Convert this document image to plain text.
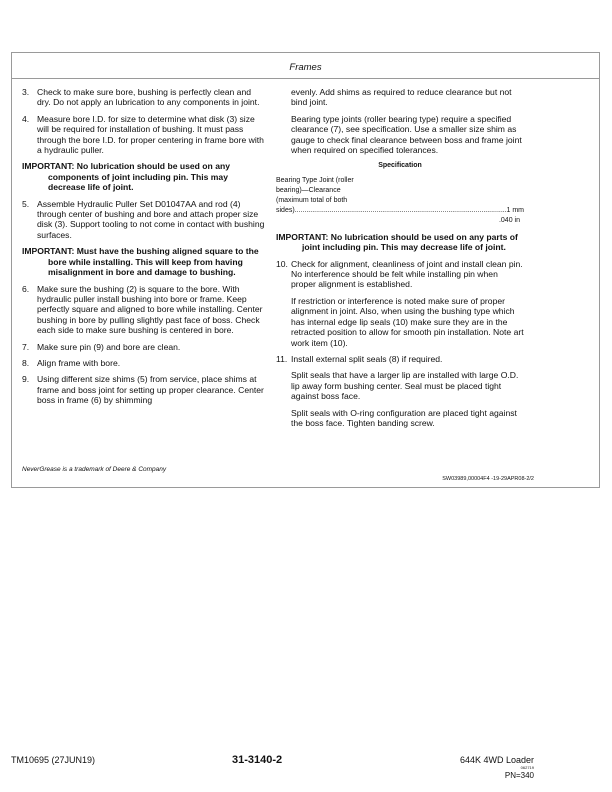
Frames
3. Check to make sure bore, bushing is perfectly clean and dry. Do not apply an lubrication to any components in joint.
4. Measure bore I.D. for size to determine what disk (3) size will be required for installation of bushing. It must pass through the bore I.D. for proper centering in frame bore with a hydraulic puller.
IMPORTANT: No lubrication should be used on any components of joint including pin. This may decrease life of joint.
5. Assemble Hydraulic Puller Set D01047AA and rod (4) through center of bushing and bore and attach proper size disk (3). Support tooling to not come in contact with bushing surfaces.
IMPORTANT: Must have the bushing aligned square to the bore while installing. This will keep from having misalignment in bore and damage to bushing.
6. Make sure the bushing (2) is square to the bore. With hydraulic puller install bushing into bore or frame. Keep perfectly square and aligned to bore while installing. Center bushing in bore by pulling slightly past face of boss. Check each side to make sure bushing is centered in bore.
7. Make sure pin (9) and bore are clean.
8. Align frame with bore.
9. Using different size shims (5) from service, place shims at frame and boss joint for setting up proper clearance. Center boss in frame (6) by shimming
evenly. Add shims as required to reduce clearance but not bind joint.
Bearing type joints (roller bearing type) require a specified clearance (7), see specification. Use a smaller size shim as gauge to check final clearance between boss and frame joint when required on specified tolerances.
Specification
Bearing Type Joint (roller
bearing)—Clearance
(maximum total of both
sides) .....	1 mm
.040 in
IMPORTANT: No lubrication should be used on any parts of joint including pin. This may decrease life of joint.
10. Check for alignment, cleanliness of joint and install clean pin. No interference should be felt while installing pin when proper alignment is established.
If restriction or interference is noted make sure of proper alignment in joint. Also, when using the bushing type which has internal edge lip seals (10) make sure they are in the retracted position to allow for smooth pin installation. Note art work item (10).
11. Install external split seals (8) if required.
Split seals that have a larger lip are installed with large O.D. lip away form bushing center. Seal must be placed tight against boss face.
Split seals with O-ring configuration are placed tight against the boss face. Tighten banding screw.
NeverGrease is a trademark of Deere & Company
SW03989,00004F4 -19-29APR08-2/2
TM10695 (27JUN19)	31-3140-2	644K 4WD Loader
062719
PN=340
